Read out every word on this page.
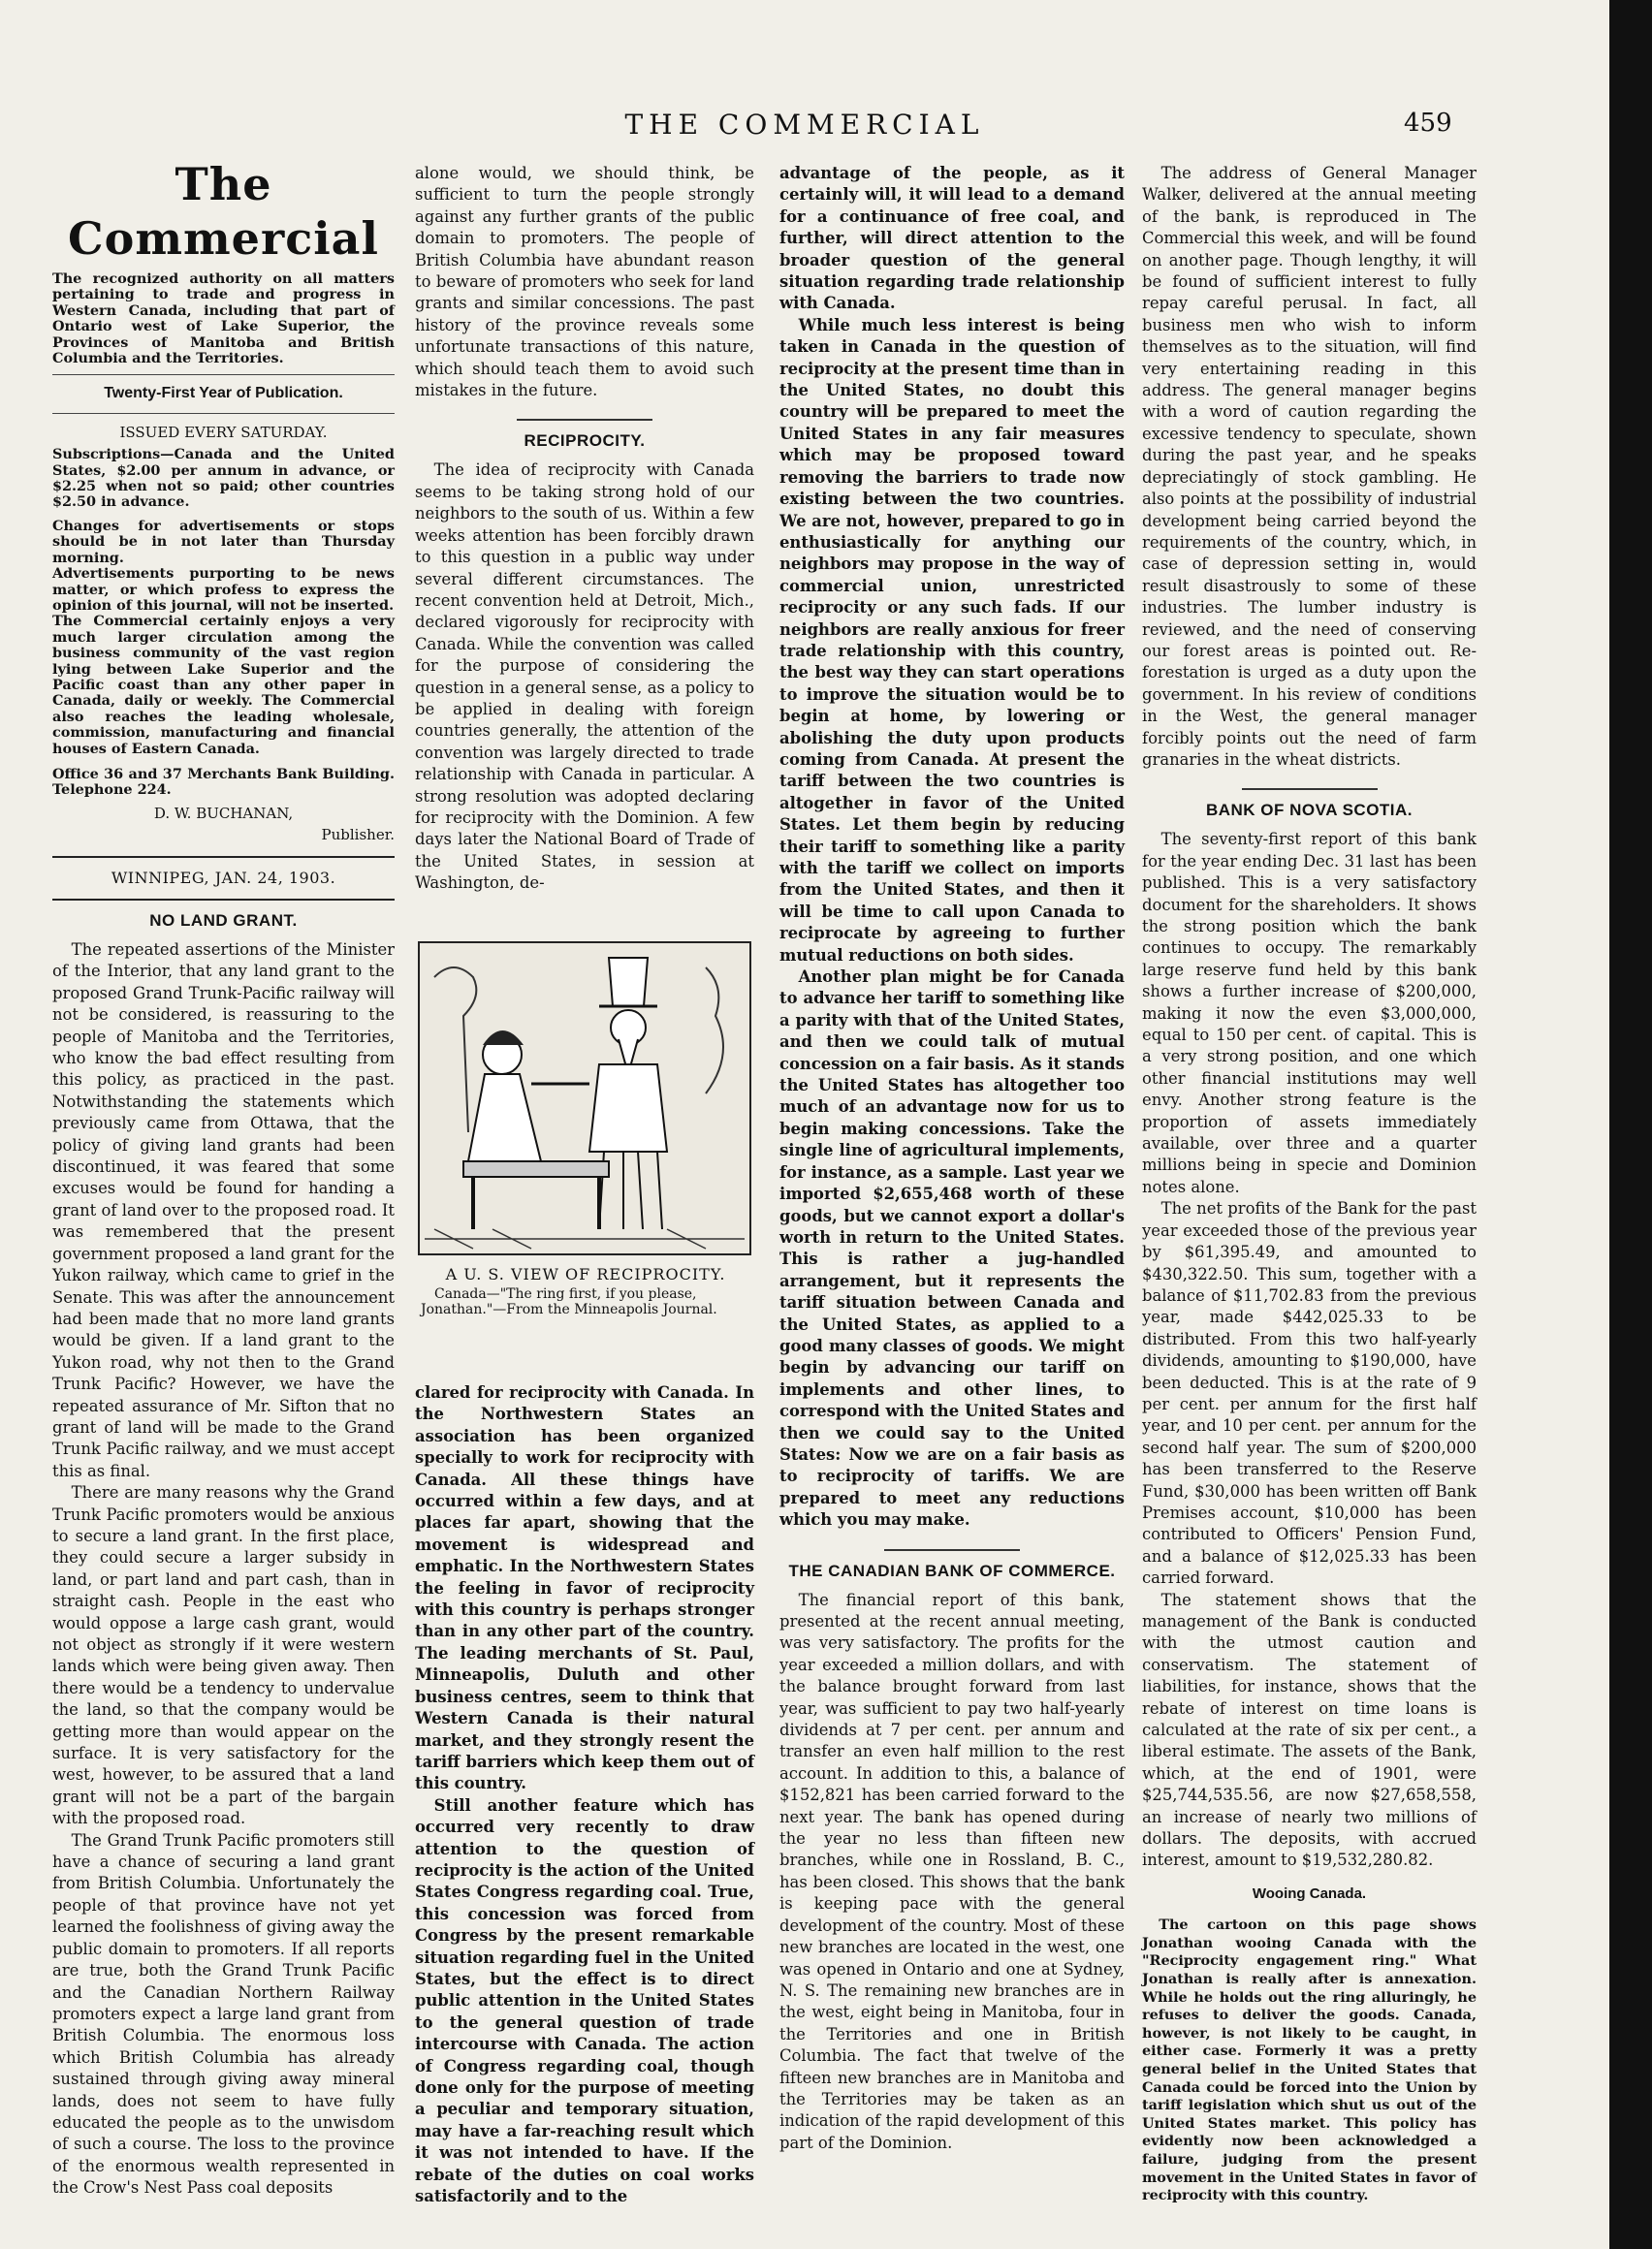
THE COMMERCIAL	459
The Commercial

The recognized authority on all matters pertaining to trade and progress in Western Canada, including that part of Ontario west of Lake Superior, the Provinces of Manitoba and British Columbia and the Territories.

Twenty-First Year of Publication.

ISSUED EVERY SATURDAY.

Subscriptions—Canada and the United States, $2.00 per annum in advance, or $2.25 when not so paid; other countries $2.50 in advance.

Changes for advertisements or stops should be in not later than Thursday morning.

Advertisements purporting to be news matter, or which profess to express the opinion of this journal, will not be inserted.

The Commercial certainly enjoys a very much larger circulation among the business community of the vast region lying between Lake Superior and the Pacific coast than any other paper in Canada, daily or weekly. The Commercial also reaches the leading wholesale, commission, manufacturing and financial houses of Eastern Canada.

Office 36 and 37 Merchants Bank Building. Telephone 224.

D. W. BUCHANAN,

Publisher.

WINNIPEG, JAN. 24, 1903.

NO LAND GRANT.

The repeated assertions of the Minister of the Interior, that any land grant to the proposed Grand Trunk-Pacific railway will not be considered, is reassuring to the people of Manitoba and the Territories, who know the bad effect resulting from this policy, as practiced in the past. Notwithstanding the statements which previously came from Ottawa, that the policy of giving land grants had been discontinued, it was feared that some excuses would be found for handing a grant of land over to the proposed road. It was remembered that the present government proposed a land grant for the Yukon railway, which came to grief in the Senate. This was after the announcement had been made that no more land grants would be given. If a land grant to the Yukon road, why not then to the Grand Trunk Pacific? However, we have the repeated assurance of Mr. Sifton that no grant of land will be made to the Grand Trunk Pacific railway, and we must accept this as final.

There are many reasons why the Grand Trunk Pacific promoters would be anxious to secure a land grant. In the first place, they could secure a larger subsidy in land, or part land and part cash, than in straight cash. People in the east who would oppose a large cash grant, would not object as strongly if it were western lands which were being given away. Then there would be a tendency to undervalue the land, so that the company would be getting more than would appear on the surface. It is very satisfactory for the west, however, to be assured that a land grant will not be a part of the bargain with the proposed road.

The Grand Trunk Pacific promoters still have a chance of securing a land grant from British Columbia. Unfortunately the people of that province have not yet learned the foolishness of giving away the public domain to promoters. If all reports are true, both the Grand Trunk Pacific and the Canadian Northern Railway promoters expect a large land grant from British Columbia. The enormous loss which British Columbia has already sustained through giving away mineral lands, does not seem to have fully educated the people as to the unwisdom of such a course. The loss to the province of the enormous wealth represented in the Crow's Nest Pass coal deposits

alone would, we should think, be sufficient to turn the people strongly against any further grants of the public domain to promoters. The people of British Columbia have abundant reason to beware of promoters who seek for land grants and similar concessions. The past history of the province reveals some unfortunate transactions of this nature, which should teach them to avoid such mistakes in the future.

RECIPROCITY.

The idea of reciprocity with Canada seems to be taking strong hold of our neighbors to the south of us. Within a few weeks attention has been forcibly drawn to this question in a public way under several different circumstances. The recent convention held at Detroit, Mich., declared vigorously for reciprocity with Canada. While the convention was called for the purpose of considering the question in a general sense, as a policy to be applied in dealing with foreign countries generally, the attention of the convention was largely directed to trade relationship with Canada in particular. A strong resolution was adopted declaring for reciprocity with the Dominion. A few days later the National Board of Trade of the United States, in session at Washington, de-

A U. S. VIEW OF RECIPROCITY.
Canada—"The ring first, if you please, Jonathan."—From the Minneapolis Journal.

clared for reciprocity with Canada. In the Northwestern States an association has been organized specially to work for reciprocity with Canada. All these things have occurred within a few days, and at places far apart, showing that the movement is widespread and emphatic. In the Northwestern States the feeling in favor of reciprocity with this country is perhaps stronger than in any other part of the country. The leading merchants of St. Paul, Minneapolis, Duluth and other business centres, seem to think that Western Canada is their natural market, and they strongly resent the tariff barriers which keep them out of this country.

Still another feature which has occurred very recently to draw attention to the question of reciprocity is the action of the United States Congress regarding coal. True, this concession was forced from Congress by the present remarkable situation regarding fuel in the United States, but the effect is to direct public attention in the United States to the general question of trade intercourse with Canada. The action of Congress regarding coal, though done only for the purpose of meeting a peculiar and temporary situation, may have a far-reaching result which it was not intended to have. If the rebate of the duties on coal works satisfactorily and to the

advantage of the people, as it certainly will, it will lead to a demand for a continuance of free coal, and further, will direct attention to the broader question of the general situation regarding trade relationship with Canada.

While much less interest is being taken in Canada in the question of reciprocity at the present time than in the United States, no doubt this country will be prepared to meet the United States in any fair measures which may be proposed toward removing the barriers to trade now existing between the two countries. We are not, however, prepared to go in enthusiastically for anything our neighbors may propose in the way of commercial union, unrestricted reciprocity or any such fads. If our neighbors are really anxious for freer trade relationship with this country, the best way they can start operations to improve the situation would be to begin at home, by lowering or abolishing the duty upon products coming from Canada. At present the tariff between the two countries is altogether in favor of the United States. Let them begin by reducing their tariff to something like a parity with the tariff we collect on imports from the United States, and then it will be time to call upon Canada to reciprocate by agreeing to further mutual reductions on both sides.

Another plan might be for Canada to advance her tariff to something like a parity with that of the United States, and then we could talk of mutual concession on a fair basis. As it stands the United States has altogether too much of an advantage now for us to begin making concessions. Take the single line of agricultural implements, for instance, as a sample. Last year we imported $2,655,468 worth of these goods, but we cannot export a dollar's worth in return to the United States. This is rather a jug-handled arrangement, but it represents the tariff situation between Canada and the United States, as applied to a good many classes of goods. We might begin by advancing our tariff on implements and other lines, to correspond with the United States and then we could say to the United States: Now we are on a fair basis as to reciprocity of tariffs. We are prepared to meet any reductions which you may make.

THE CANADIAN BANK OF COMMERCE.

The financial report of this bank, presented at the recent annual meeting, was very satisfactory. The profits for the year exceeded a million dollars, and with the balance brought forward from last year, was sufficient to pay two half-yearly dividends at 7 per cent. per annum and transfer an even half million to the rest account. In addition to this, a balance of $152,821 has been carried forward to the next year. The bank has opened during the year no less than fifteen new branches, while one in Rossland, B. C., has been closed. This shows that the bank is keeping pace with the general development of the country. Most of these new branches are located in the west, one was opened in Ontario and one at Sydney, N. S. The remaining new branches are in the west, eight being in Manitoba, four in the Territories and one in British Columbia. The fact that twelve of the fifteen new branches are in Manitoba and the Territories may be taken as an indication of the rapid development of this part of the Dominion.

The address of General Manager Walker, delivered at the annual meeting of the bank, is reproduced in The Commercial this week, and will be found on another page. Though lengthy, it will be found of sufficient interest to fully repay careful perusal. In fact, all business men who wish to inform themselves as to the situation, will find very entertaining reading in this address. The general manager begins with a word of caution regarding the excessive tendency to speculate, shown during the past year, and he speaks depreciatingly of stock gambling. He also points at the possibility of industrial development being carried beyond the requirements of the country, which, in case of depression setting in, would result disastrously to some of these industries. The lumber industry is reviewed, and the need of conserving our forest areas is pointed out. Re-forestation is urged as a duty upon the government. In his review of conditions in the West, the general manager forcibly points out the need of farm granaries in the wheat districts.

BANK OF NOVA SCOTIA.

The seventy-first report of this bank for the year ending Dec. 31 last has been published. This is a very satisfactory document for the shareholders. It shows the strong position which the bank continues to occupy. The remarkably large reserve fund held by this bank shows a further increase of $200,000, making it now the even $3,000,000, equal to 150 per cent. of capital. This is a very strong position, and one which other financial institutions may well envy. Another strong feature is the proportion of assets immediately available, over three and a quarter millions being in specie and Dominion notes alone.

The net profits of the Bank for the past year exceeded those of the previous year by $61,395.49, and amounted to $430,322.50. This sum, together with a balance of $11,702.83 from the previous year, made $442,025.33 to be distributed. From this two half-yearly dividends, amounting to $190,000, have been deducted. This is at the rate of 9 per cent. per annum for the first half year, and 10 per cent. per annum for the second half year. The sum of $200,000 has been transferred to the Reserve Fund, $30,000 has been written off Bank Premises account, $10,000 has been contributed to Officers' Pension Fund, and a balance of $12,025.33 has been carried forward.

The statement shows that the management of the Bank is conducted with the utmost caution and conservatism. The statement of liabilities, for instance, shows that the rebate of interest on time loans is calculated at the rate of six per cent., a liberal estimate. The assets of the Bank, which, at the end of 1901, were $25,744,535.56, are now $27,658,558, an increase of nearly two millions of dollars. The deposits, with accrued interest, amount to $19,532,280.82.

Wooing Canada.

The cartoon on this page shows Jonathan wooing Canada with the "Reciprocity engagement ring." What Jonathan is really after is annexation. While he holds out the ring alluringly, he refuses to deliver the goods. Canada, however, is not likely to be caught, in either case. Formerly it was a pretty general belief in the United States that Canada could be forced into the Union by tariff legislation which shut us out of the United States market. This policy has evidently now been acknowledged a failure, judging from the present movement in the United States in favor of reciprocity with this country.
